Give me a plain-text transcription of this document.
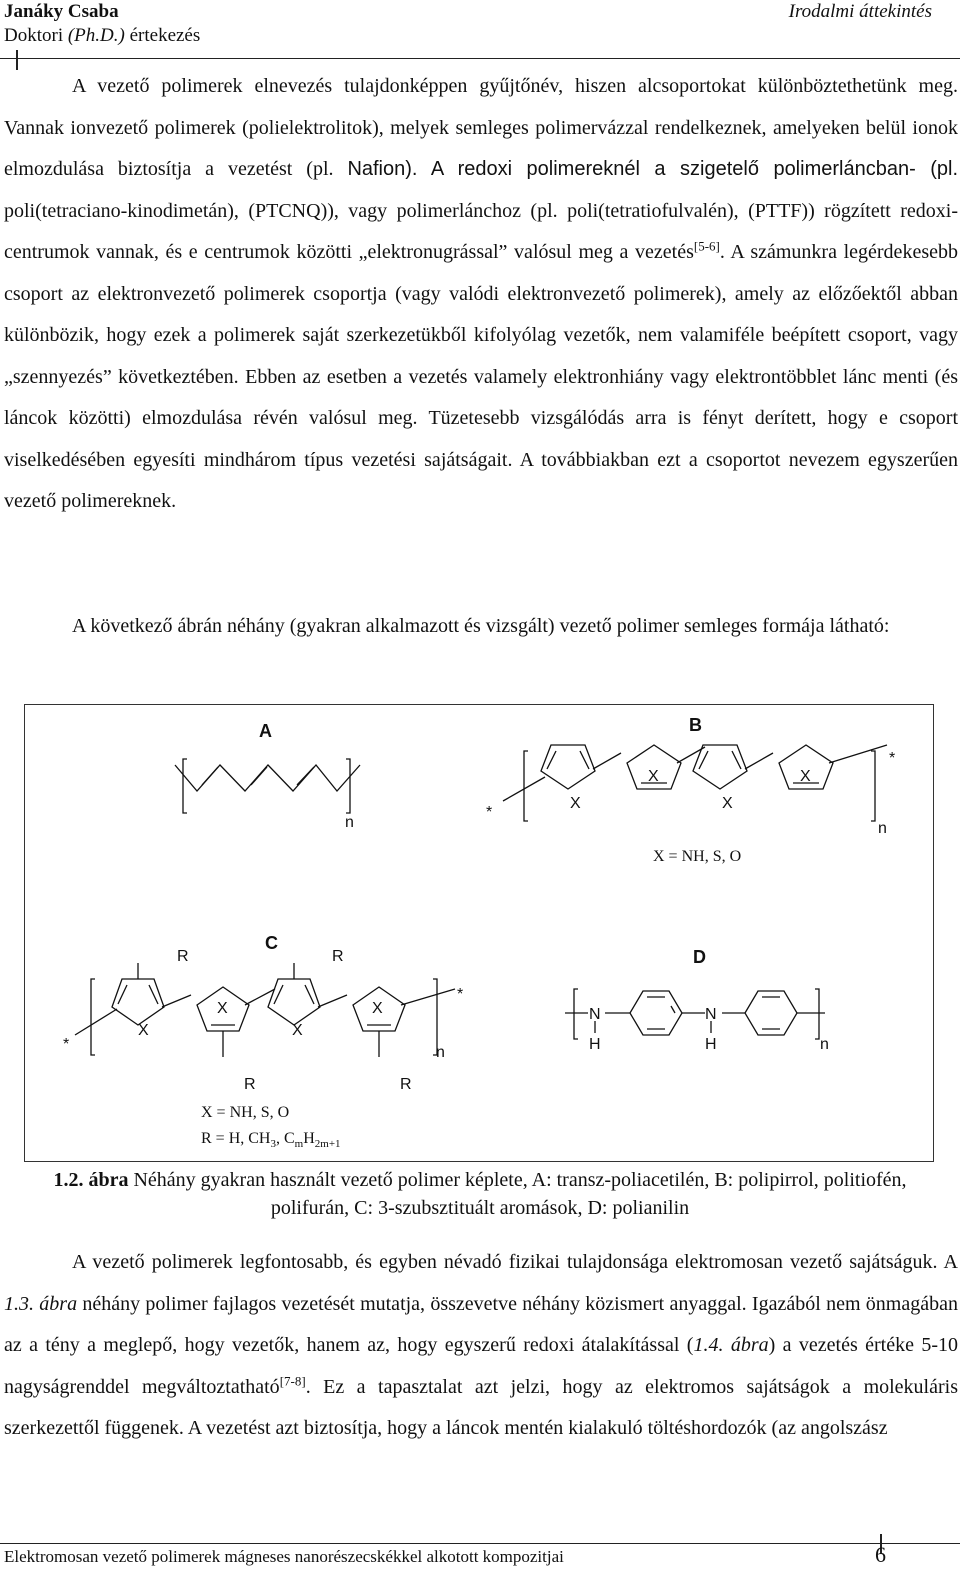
Janáky Csaba
Doktori (Ph.D.) értekezés
Irodalmi áttekintés

A vezető polimerek elnevezés tulajdonképpen gyűjtőnév, hiszen alcsoportokat különböztethetünk meg. Vannak ionvezető polimerek (polielektrolitok), melyek semleges polimervázzal rendelkeznek, amelyeken belül ionok elmozdulása biztosítja a vezetést (pl. Nafion). A redoxi polimereknél a szigetelő polimerláncban- (pl. poli(tetraciano-kinodimetán), (PTCNQ)), vagy polimerlánchoz (pl. poli(tetratiofulvalén), (PTTF)) rögzített redoxi-centrumok vannak, és e centrumok közötti „elektronugrással” valósul meg a vezetés[5-6]. A számunkra legérdekesebb csoport az elektronvezető polimerek csoportja (vagy valódi elektronvezető polimerek), amely az előzőektől abban különbözik, hogy ezek a polimerek saját szerkezetükből kifolyólag vezetők, nem valamiféle beépített csoport, vagy „szennyezés” következtében. Ebben az esetben a vezetés valamely elektronhiány vagy elektrontöbblet lánc menti (és láncok közötti) elmozdulása révén valósul meg. Tüzetesebb vizsgálódás arra is fényt derített, hogy e csoport viselkedésében egyesíti mindhárom típus vezetési sajátságait. A továbbiakban ezt a csoportot nevezem egyszerűen vezető polimereknek.

A következő ábrán néhány (gyakran alkalmazott és vizsgált) vezető polimer semleges formája látható:

A	B
C
D
n
*
*
X
X
X
X
n
X = NH, S, O
*
*
R	R
R	R
X
X
X
X
n
X = NH, S, O
R = H, $CH_3$, $C_mH_{2m+1}$
N
H
N
H	n
1.2. ábra Néhány gyakran használt vezető polimer képlete, A: transz-poliacetilén, B: polipirrol, politiofén, polifurán, C: 3-szubsztituált aromások, D: polianilin

A vezető polimerek legfontosabb, és egyben névadó fizikai tulajdonsága elektromosan vezető sajátságuk. A 1.3. ábra néhány polimer fajlagos vezetését mutatja, összevetve néhány közismert anyaggal. Igazából nem önmagában az a tény a meglepő, hogy vezetők, hanem az, hogy egyszerű redoxi átalakítással (1.4. ábra) a vezetés értéke 5-10 nagyságrenddel megváltoztatható[7-8]. Ez a tapasztalat azt jelzi, hogy az elektromos sajátságok a molekuláris szerkezettől függenek. A vezetést azt biztosítja, hogy a láncok mentén kialakuló töltéshordozók (az angolszász

Elektromosan vezető polimerek mágneses nanorészecskékkel alkotott kompozitjai	6
